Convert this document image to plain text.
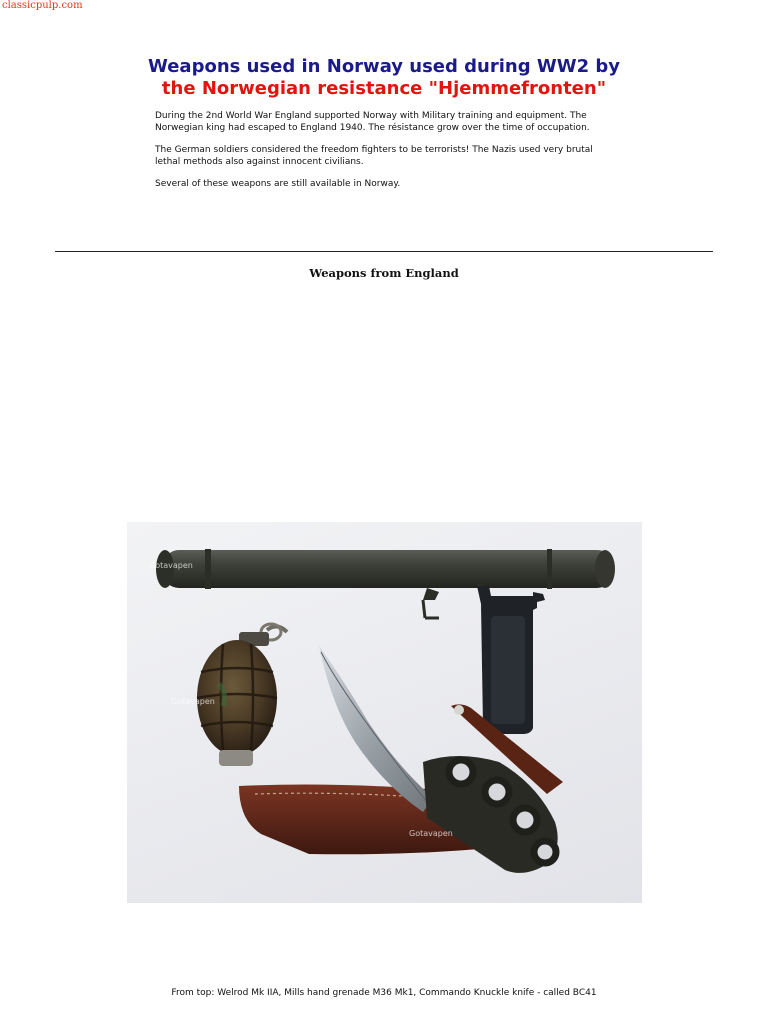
classicpulp.com
Weapons used in Norway used during WW2 by
the Norwegian resistance "Hjemmefronten"

During the 2nd World War England supported Norway with Military training and equipment. The Norwegian king had escaped to England 1940. The résistance grow over the time of occupation.

The German soldiers considered the freedom fighters to be terrorists! The Nazis used very brutal lethal methods also against innocent civilians.

Several of these weapons are still available in Norway.

Weapons from England
Gotavapen
Gotavapen
Gotavapen
From top: Welrod Mk IIA, Mills hand grenade M36 Mk1, Commando Knuckle knife - called BC41
